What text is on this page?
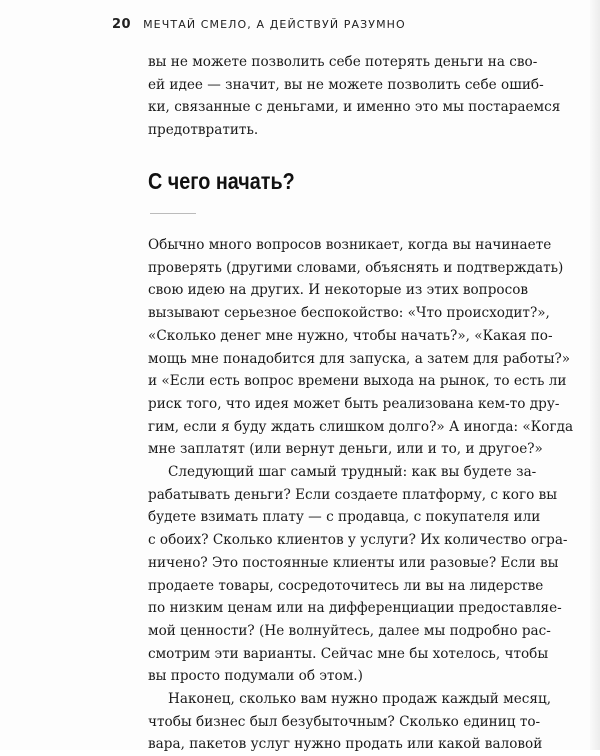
20 МЕЧТАЙ СМЕЛО, А ДЕЙСТВУЙ РАЗУМНО

вы не можете позволить себе потерять деньги на сво-

ей идее — значит, вы не можете позволить себе ошиб-

ки, связанные с деньгами, и именно это мы постараемся

предотвратить.

С чего начать?

Обычно много вопросов возникает, когда вы начинаете

проверять (другими словами, объяснять и подтверждать)

свою идею на других. И некоторые из этих вопросов

вызывают серьезное беспокойство: «Что происходит?»,

«Сколько денег мне нужно, чтобы начать?», «Какая по-

мощь мне понадобится для запуска, а затем для работы?»

и «Если есть вопрос времени выхода на рынок, то есть ли

риск того, что идея может быть реализована кем-то дру-

гим, если я буду ждать слишком долго?» А иногда: «Когда

мне заплатят (или вернут деньги, или и то, и другое?»

Следующий шаг самый трудный: как вы будете за-

рабатывать деньги? Если создаете платформу, с кого вы

будете взимать плату — с продавца, с покупателя или

с обоих? Сколько клиентов у услуги? Их количество огра-

ничено? Это постоянные клиенты или разовые? Если вы

продаете товары, сосредоточитесь ли вы на лидерстве

по низким ценам или на дифференциации предоставляе-

мой ценности? (Не волнуйтесь, далее мы подробно рас-

смотрим эти варианты. Сейчас мне бы хотелось, чтобы

вы просто подумали об этом.)

Наконец, сколько вам нужно продаж каждый месяц,

чтобы бизнес был безубыточным? Сколько единиц то-

вара, пакетов услуг нужно продать или какой валовой
